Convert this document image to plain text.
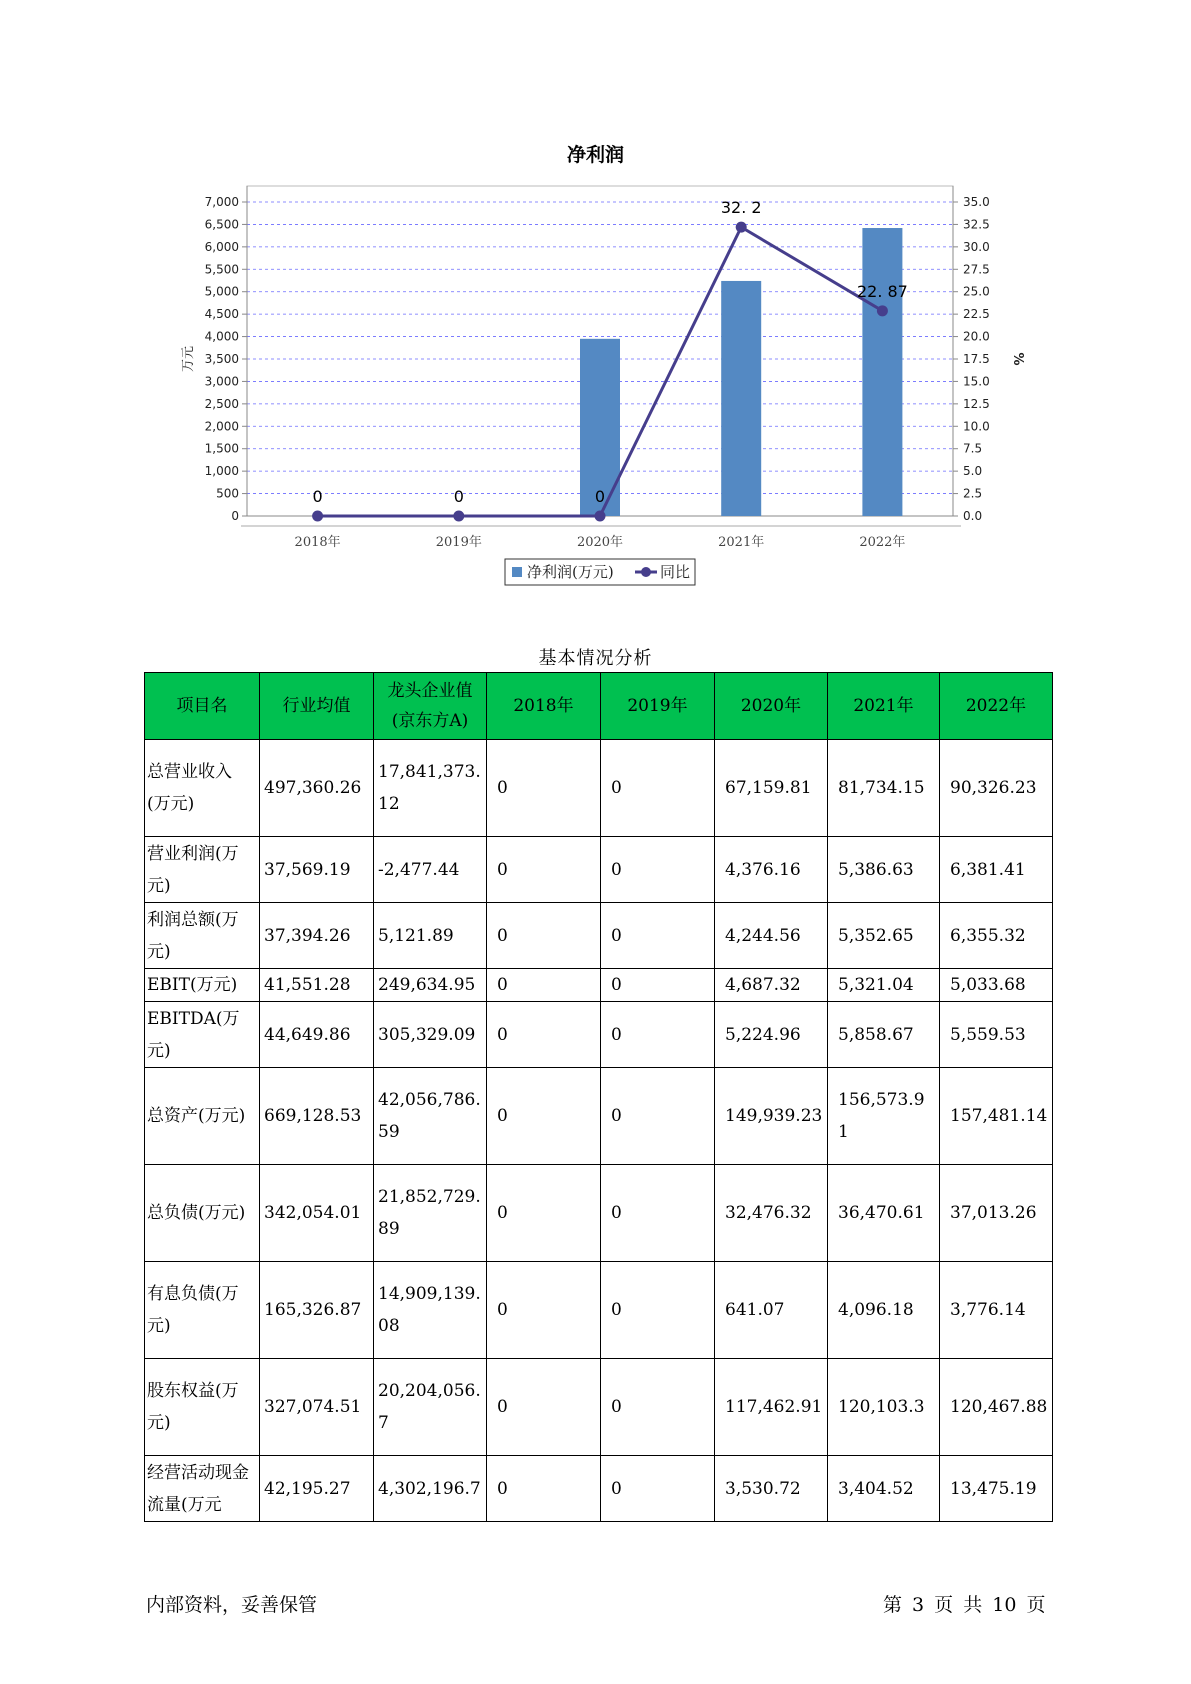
净利润
0
500
1,000
1,500
2,000
2,500
3,000
3,500
4,000
4,500
5,000
5,500
6,000
6,500
7,000
0.0
2.5
5.0
7.5
10.0
12.5
15.0
17.5
20.0
22.5
25.0
27.5
30.0
32.5
35.0
2018年	2019年	2020年	2021年	2022年
万元	%
0	0	0
32. 2
22. 87
净利润(万元)	同比
基本情况分析
项目名	行业均值	龙头企业值(京东方A)	2018年	2019年	2020年	2021年	2022年
总营业收入(万元)	497,360.26	17,841,373.12	0	0	67,159.81	81,734.15	90,326.23
营业利润(万元)	37,569.19	-2,477.44	0	0	4,376.16	5,386.63	6,381.41
利润总额(万元)	37,394.26	5,121.89	0	0	4,244.56	5,352.65	6,355.32
EBIT(万元)	41,551.28	249,634.95	0	0	4,687.32	5,321.04	5,033.68
EBITDA(万元)	44,649.86	305,329.09	0	0	5,224.96	5,858.67	5,559.53
总资产(万元)	669,128.53	42,056,786.59	0	0	149,939.23	156,573.91	157,481.14
总负债(万元)	342,054.01	21,852,729.89	0	0	32,476.32	36,470.61	37,013.26
有息负债(万元)	165,326.87	14,909,139.08	0	0	641.07	4,096.18	3,776.14
股东权益(万元)	327,074.51	20,204,056.7	0	0	117,462.91	120,103.3	120,467.88
经营活动现金流量(万元	42,195.27	4,302,196.7	0	0	3,530.72	3,404.52	13,475.19
内部资料，妥善保管	第 3 页 共 10 页
